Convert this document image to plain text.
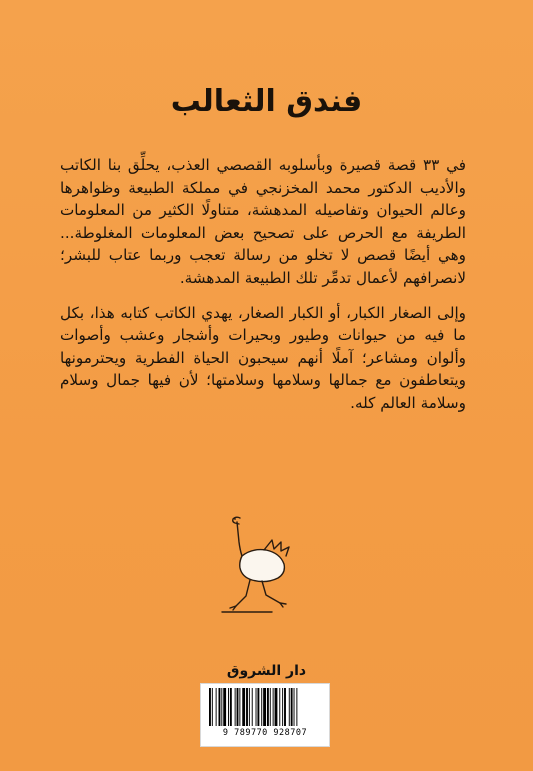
فندق الثعالب

في ٣٣ قصة قصيرة وبأسلوبه القصصي العذب، يحلِّق بنا الكاتب والأديب الدكتور محمد المخزنجي في مملكة الطبيعة وظواهرها وعالم الحيوان وتفاصيله المدهشة، متناولًا الكثير من المعلومات الطريفة مع الحرص على تصحيح بعض المعلومات المغلوطة... وهي أيضًا قصص لا تخلو من رسالة تعجب وربما عتاب للبشر؛ لانصرافهم لأعمال تدمِّر تلك الطبيعة المدهشة.

وإلى الصغار الكبار، أو الكبار الصغار، يهدي الكاتب كتابه هذا، بكل ما فيه من حيوانات وطيور وبحيرات وأشجار وعشب وأصوات وألوان ومشاعر؛ آملًا أنهم سيحبون الحياة الفطرية ويحترمونها ويتعاطفون مع جمالها وسلامها وسلامتها؛ لأن فيها جمال وسلام وسلامة العالم كله.

دار الشروق
9 789770 928707
